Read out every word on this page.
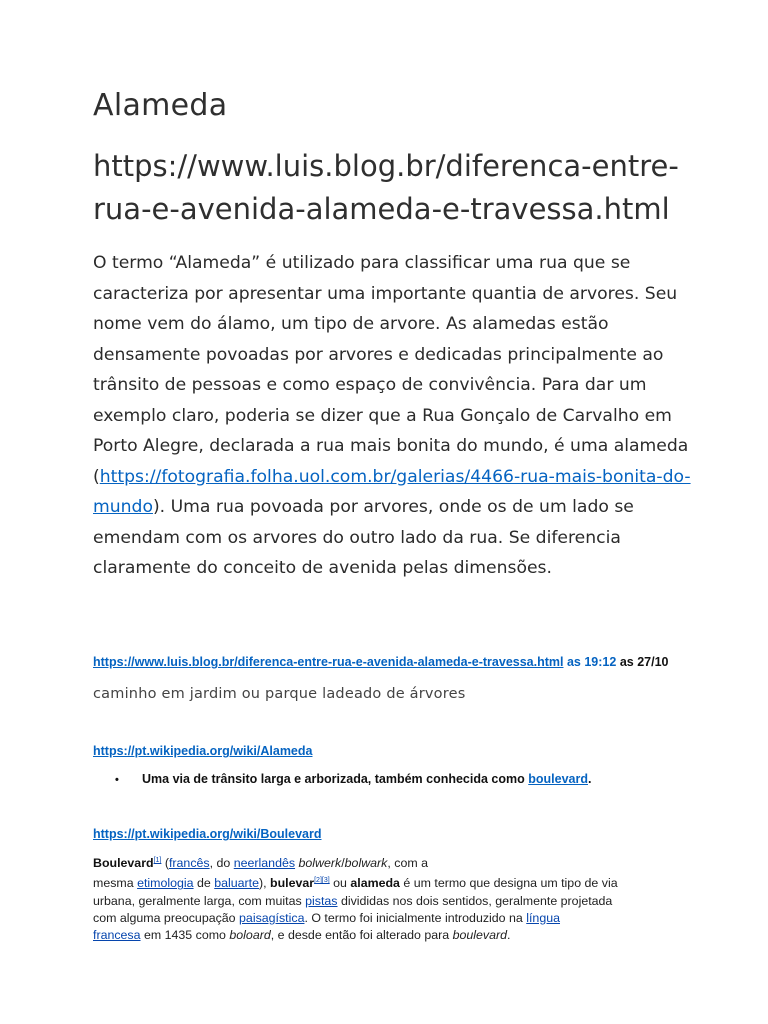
Alameda
https://www.luis.blog.br/diferenca-entre-
rua-e-avenida-alameda-e-travessa.html

O termo “Alameda” é utilizado para classificar uma rua que se
caracteriza por apresentar uma importante quantia de arvores. Seu
nome vem do álamo, um tipo de arvore. As alamedas estão
densamente povoadas por arvores e dedicadas principalmente ao
trânsito de pessoas e como espaço de convivência. Para dar um
exemplo claro, poderia se dizer que a Rua Gonçalo de Carvalho em
Porto Alegre, declarada a rua mais bonita do mundo, é uma alameda
(https://fotografia.folha.uol.com.br/galerias/4466-rua-mais-bonita-do-
mundo). Uma rua povoada por arvores, onde os de um lado se
emendam com os arvores do outro lado da rua. Se diferencia
claramente do conceito de avenida pelas dimensões.

https://www.luis.blog.br/diferenca-entre-rua-e-avenida-alameda-e-travessa.html as 19:12 as 27/10

caminho em jardim ou parque ladeado de árvores

https://pt.wikipedia.org/wiki/Alameda

•	Uma via de trânsito larga e arborizada, também conhecida como boulevard.

https://pt.wikipedia.org/wiki/Boulevard

Boulevard[1] (francês, do neerlandês bolwerk/bolwark, com a
mesma etimologia de baluarte), bulevar[2][3] ou alameda é um termo que designa um tipo de via
urbana, geralmente larga, com muitas pistas divididas nos dois sentidos, geralmente projetada
com alguma preocupação paisagística. O termo foi inicialmente introduzido na língua
francesa em 1435 como boloard, e desde então foi alterado para boulevard.
